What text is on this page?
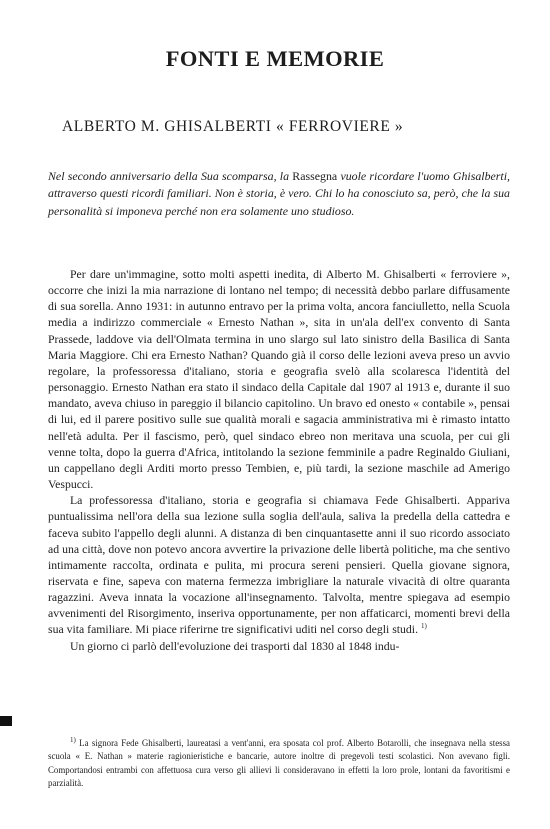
FONTI E MEMORIE
ALBERTO M. GHISALBERTI « FERROVIERE »
Nel secondo anniversario della Sua scomparsa, la Rassegna vuole ricordare l'uomo Ghisalberti, attraverso questi ricordi familiari. Non è storia, è vero. Chi lo ha conosciuto sa, però, che la sua personalità si imponeva perché non era solamente uno studioso.

Per dare un'immagine, sotto molti aspetti inedita, di Alberto M. Ghisalberti « ferroviere », occorre che inizi la mia narrazione di lontano nel tempo; di necessità debbo parlare diffusamente di sua sorella. Anno 1931: in autunno entravo per la prima volta, ancora fanciulletto, nella Scuola media a indirizzo commerciale « Ernesto Nathan », sita in un'ala dell'ex convento di Santa Prassede, laddove via dell'Olmata termina in uno slargo sul lato sinistro della Basilica di Santa Maria Maggiore. Chi era Ernesto Nathan? Quando già il corso delle lezioni aveva preso un avvio regolare, la professoressa d'italiano, storia e geografia svelò alla scolaresca l'identità del personaggio. Ernesto Nathan era stato il sindaco della Capitale dal 1907 al 1913 e, durante il suo mandato, aveva chiuso in pareggio il bilancio capitolino. Un bravo ed onesto « contabile », pensai di lui, ed il parere positivo sulle sue qualità morali e sagacia amministrativa mi è rimasto intatto nell'età adulta. Per il fascismo, però, quel sindaco ebreo non meritava una scuola, per cui gli venne tolta, dopo la guerra d'Africa, intitolando la sezione femminile a padre Reginaldo Giuliani, un cappellano degli Arditi morto presso Tembien, e, più tardi, la sezione maschile ad Amerigo Vespucci.

La professoressa d'italiano, storia e geografia si chiamava Fede Ghisalberti. Appariva puntualissima nell'ora della sua lezione sulla soglia dell'aula, saliva la predella della cattedra e faceva subito l'appello degli alunni. A distanza di ben cinquantasette anni il suo ricordo associato ad una città, dove non potevo ancora avvertire la privazione delle libertà politiche, ma che sentivo intimamente raccolta, ordinata e pulita, mi procura sereni pensieri. Quella giovane signora, riservata e fine, sapeva con materna fermezza imbrigliare la naturale vivacità di oltre quaranta ragazzini. Aveva innata la vocazione all'insegnamento. Talvolta, mentre spiegava ad esempio avvenimenti del Risorgimento, inseriva opportunamente, per non affaticarci, momenti brevi della sua vita familiare. Mi piace riferirne tre significativi uditi nel corso degli studi. $^{1)}$

Un giorno ci parlò dell'evoluzione dei trasporti dal 1830 al 1848 indu-

$^{1)}$ La signora Fede Ghisalberti, laureatasi a vent'anni, era sposata col prof. Alberto Botarolli, che insegnava nella stessa scuola « E. Nathan » materie ragionieristiche e bancarie, autore inoltre di pregevoli testi scolastici. Non avevano figli. Comportandosi entrambi con affettuosa cura verso gli allievi li consideravano in effetti la loro prole, lontani da favoritismi e parzialità.
